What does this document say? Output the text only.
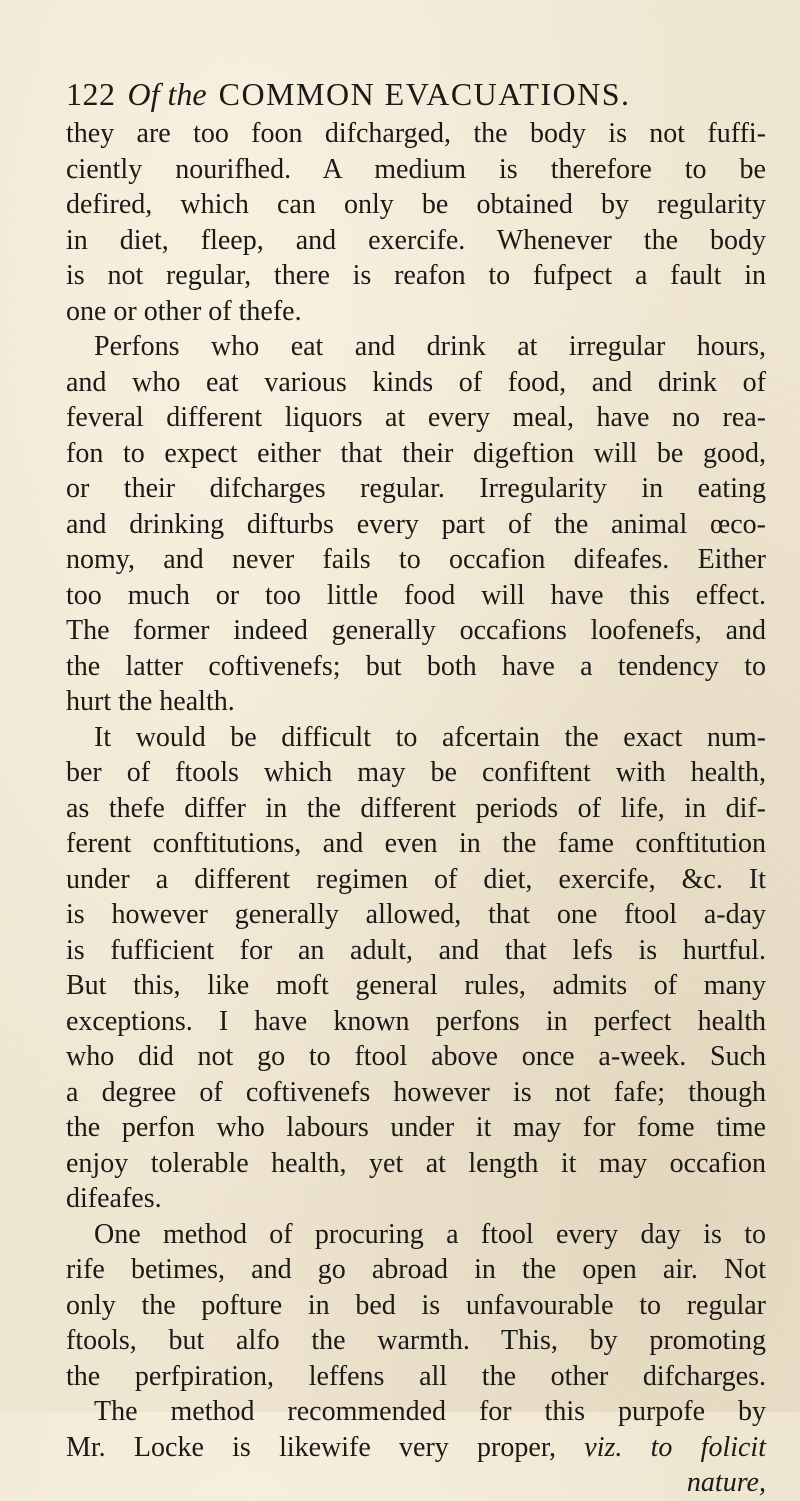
122 Of the COMMON EVACUATIONS.
they are too foon difcharged, the body is not fuffi-
ciently nourifhed. A medium is therefore to be
defired, which can only be obtained by regularity
in diet, fleep, and exercife. Whenever the body
is not regular, there is reafon to fufpect a fault in
one or other of thefe.
Perfons who eat and drink at irregular hours,
and who eat various kinds of food, and drink of
feveral different liquors at every meal, have no rea-
fon to expect either that their digeftion will be good,
or their difcharges regular. Irregularity in eating
and drinking difturbs every part of the animal œco-
nomy, and never fails to occafion difeafes. Either
too much or too little food will have this effect.
The former indeed generally occafions loofenefs, and
the latter coftivenefs; but both have a tendency to
hurt the health.
It would be difficult to afcertain the exact num-
ber of ftools which may be confiftent with health,
as thefe differ in the different periods of life, in dif-
ferent conftitutions, and even in the fame conftitution
under a different regimen of diet, exercife, &c. It
is however generally allowed, that one ftool a-day
is fufficient for an adult, and that lefs is hurtful.
But this, like moft general rules, admits of many
exceptions. I have known perfons in perfect health
who did not go to ftool above once a-week. Such
a degree of coftivenefs however is not fafe; though
the perfon who labours under it may for fome time
enjoy tolerable health, yet at length it may occafion
difeafes.
One method of procuring a ftool every day is to
rife betimes, and go abroad in the open air. Not
only the pofture in bed is unfavourable to regular
ftools, but alfo the warmth. This, by promoting
the perfpiration, leffens all the other difcharges.
The method recommended for this purpofe by
Mr. Locke is likewife very proper, viz. to folicit
nature,
